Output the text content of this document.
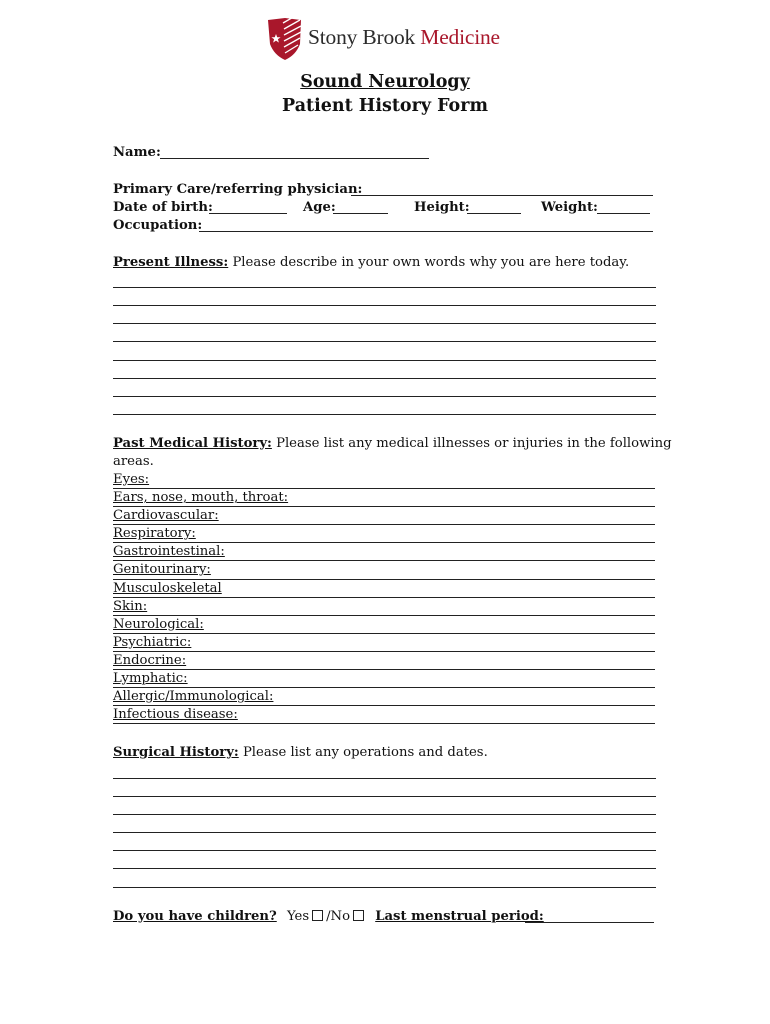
Stony Brook Medicine
Sound Neurology
Patient History Form
Name:
Primary Care/referring physician:
Date of birth:	Age:	Height:	Weight:
Occupation:
Present Illness: Please describe in your own words why you are here today.
Past Medical History: Please list any medical illnesses or injuries in the following
areas.
Eyes:
Ears, nose, mouth, throat:
Cardiovascular:
Respiratory:
Gastrointestinal:
Genitourinary:
Musculoskeletal
Skin:
Neurological:
Psychiatric:
Endocrine:
Lymphatic:
Allergic/Immunological:
Infectious disease:
Surgical History: Please list any operations and dates.
Do you have children? Yes /No Last menstrual period:
